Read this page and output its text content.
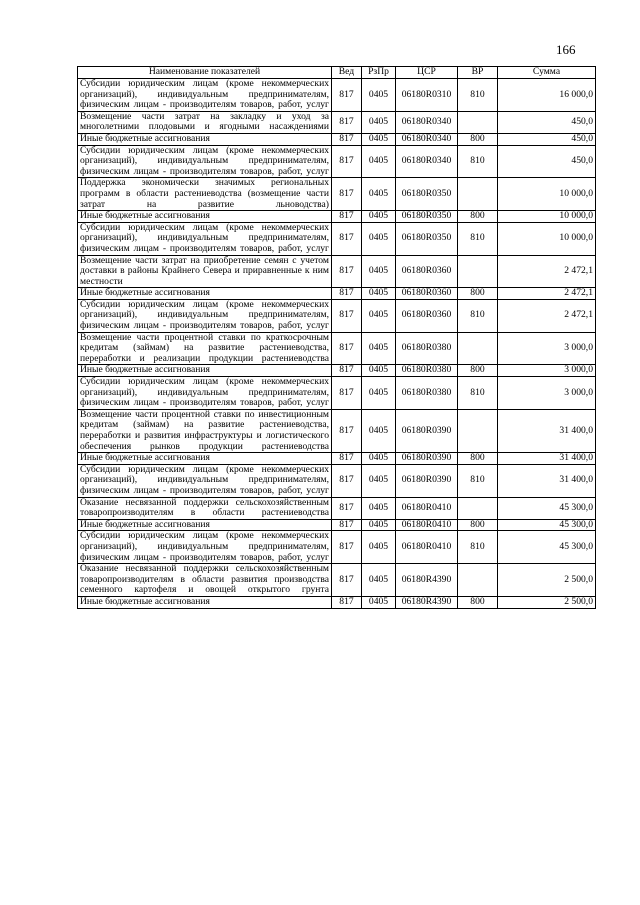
166
Наименование показателей	Вед	РзПр	ЦСР	ВР	Сумма
Субсидии юридическим лицам (кроме некоммерческих организаций), индивидуальным предпринимателям, физическим лицам - производителям товаров, работ, услуг	817	0405	06180R0310	810	16 000,0
Возмещение части затрат на закладку и уход за многолетними плодовыми и ягодными насаждениями	817	0405	06180R0340		450,0
Иные бюджетные ассигнования	817	0405	06180R0340	800	450,0
Субсидии юридическим лицам (кроме некоммерческих организаций), индивидуальным предпринимателям, физическим лицам - производителям товаров, работ, услуг	817	0405	06180R0340	810	450,0
Поддержка экономически значимых региональных программ в области растениеводства (возмещение части затрат на развитие льноводства)	817	0405	06180R0350		10 000,0
Иные бюджетные ассигнования	817	0405	06180R0350	800	10 000,0
Субсидии юридическим лицам (кроме некоммерческих организаций), индивидуальным предпринимателям, физическим лицам - производителям товаров, работ, услуг	817	0405	06180R0350	810	10 000,0
Возмещение части затрат на приобретение семян с учетом доставки в районы Крайнего Севера и приравненные к ним местности	817	0405	06180R0360		2 472,1
Иные бюджетные ассигнования	817	0405	06180R0360	800	2 472,1
Субсидии юридическим лицам (кроме некоммерческих организаций), индивидуальным предпринимателям, физическим лицам - производителям товаров, работ, услуг	817	0405	06180R0360	810	2 472,1
Возмещение части процентной ставки по краткосрочным кредитам (займам) на развитие растениеводства, переработки и реализации продукции растениеводства	817	0405	06180R0380		3 000,0
Иные бюджетные ассигнования	817	0405	06180R0380	800	3 000,0
Субсидии юридическим лицам (кроме некоммерческих организаций), индивидуальным предпринимателям, физическим лицам - производителям товаров, работ, услуг	817	0405	06180R0380	810	3 000,0
Возмещение части процентной ставки по инвестиционным кредитам (займам) на развитие растениеводства, переработки и развития инфраструктуры и логистического обеспечения рынков продукции растениеводства	817	0405	06180R0390		31 400,0
Иные бюджетные ассигнования	817	0405	06180R0390	800	31 400,0
Субсидии юридическим лицам (кроме некоммерческих организаций), индивидуальным предпринимателям, физическим лицам - производителям товаров, работ, услуг	817	0405	06180R0390	810	31 400,0
Оказание несвязанной поддержки сельскохозяйственным товаропроизводителям в области растениеводства	817	0405	06180R0410		45 300,0
Иные бюджетные ассигнования	817	0405	06180R0410	800	45 300,0
Субсидии юридическим лицам (кроме некоммерческих организаций), индивидуальным предпринимателям, физическим лицам - производителям товаров, работ, услуг	817	0405	06180R0410	810	45 300,0
Оказание несвязанной поддержки сельскохозяйственным товаропроизводителям в области развития производства семенного картофеля и овощей открытого грунта	817	0405	06180R4390		2 500,0
Иные бюджетные ассигнования	817	0405	06180R4390	800	2 500,0
